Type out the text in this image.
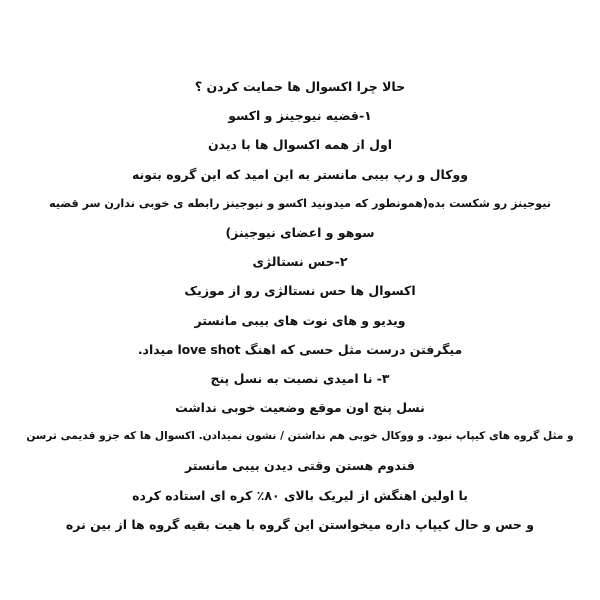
حالا چرا اکسوال ها حمایت کردن ؟
۱-قضیه نیوجینز و اکسو
اول از همه اکسوال ها با دیدن
ووکال و رپ بیبی مانستر به این امید که این گروه بتونه
نیوجینز رو شکست بده(همونطور که میدونید اکسو و نیوجینز رابطه ی خوبی ندارن سر قضیه
سوهو و اعضای نیوجینز)
۲-حس نستالژی
اکسوال ها حس نستالژی رو از موزیک
ویدیو و های نوت های بیبی مانستر
میگرفتن درست مثل حسی که اهنگ love shot میداد.
۳- نا امیدی نصبت به نسل پنج
نسل پنج اون موقع وضعیت خوبی نداشت
و مثل گروه های کیپاپ نبود. و ووکال خوبی هم نداشتن / نشون نمیدادن. اکسوال ها که جزو قدیمی ترسن
فندوم هستن وقتی دیدن بیبی مانستر
با اولین اهنگش از لیریک بالای ۸۰٪ کره ای استاده کرده
و حس و حال کیپاپ داره میخواستن این گروه با هیت بقیه گروه ها از بین نره
